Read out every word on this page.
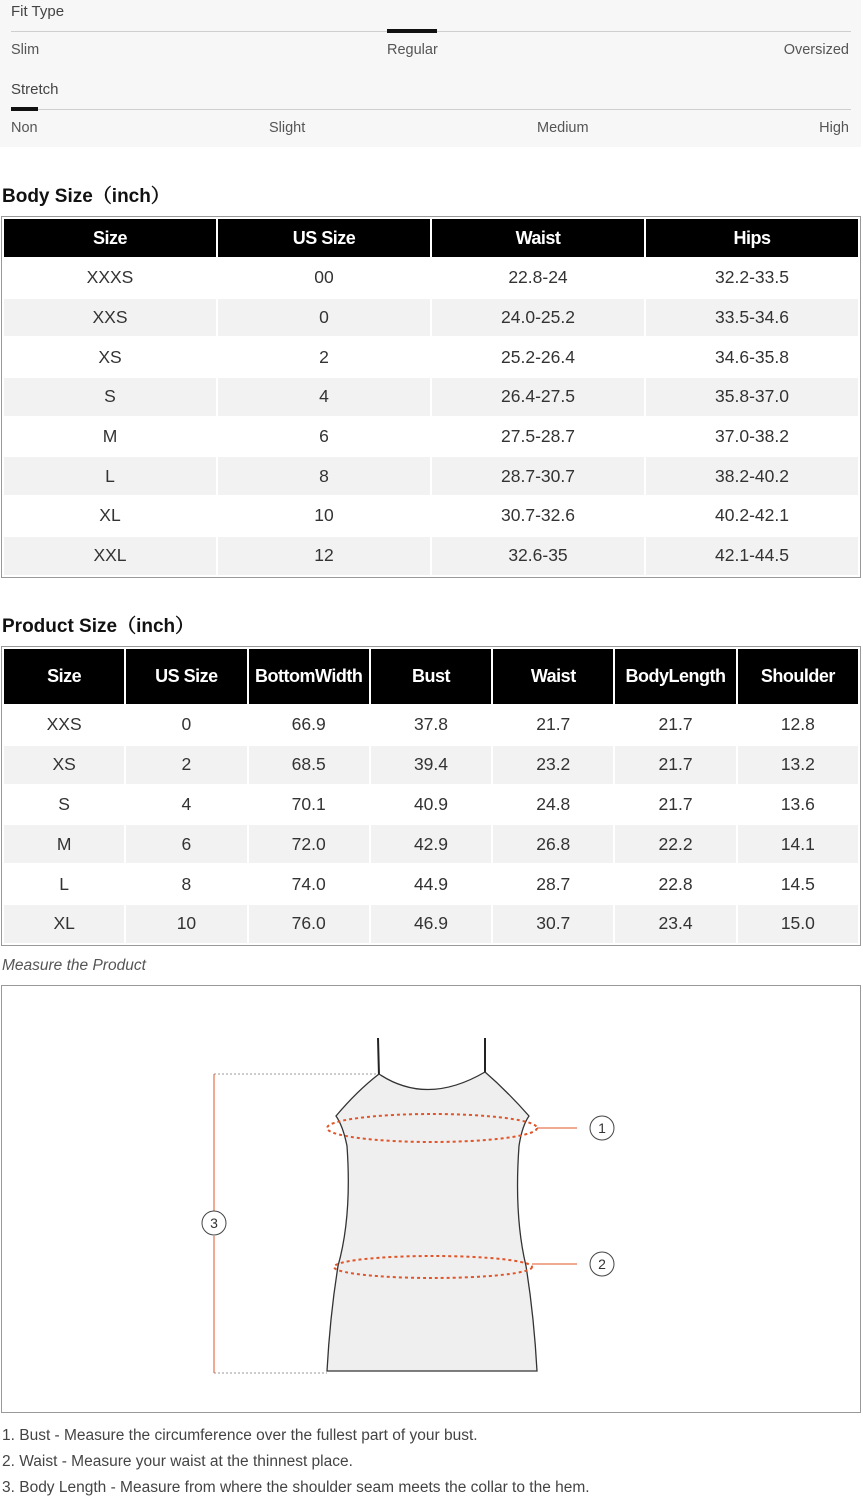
Fit Type
Slim	Regular	Oversized
Stretch
Non	Slight	Medium	High
Body Size（inch）
Size	US Size	Waist	Hips
XXXS	00	22.8-24	32.2-33.5
XXS	0	24.0-25.2	33.5-34.6
XS	2	25.2-26.4	34.6-35.8
S	4	26.4-27.5	35.8-37.0
M	6	27.5-28.7	37.0-38.2
L	8	28.7-30.7	38.2-40.2
XL	10	30.7-32.6	40.2-42.1
XXL	12	32.6-35	42.1-44.5
Product Size（inch）
Size	US Size	BottomWidth	Bust	Waist	BodyLength	Shoulder
XXS	0	66.9	37.8	21.7	21.7	12.8
XS	2	68.5	39.4	23.2	21.7	13.2
S	4	70.1	40.9	24.8	21.7	13.6
M	6	72.0	42.9	26.8	22.2	14.1
L	8	74.0	44.9	28.7	22.8	14.5
XL	10	76.0	46.9	30.7	23.4	15.0
Measure the Product
1
2
3
1. Bust - Measure the circumference over the fullest part of your bust.
2. Waist - Measure your waist at the thinnest place.
3. Body Length - Measure from where the shoulder seam meets the collar to the hem.
